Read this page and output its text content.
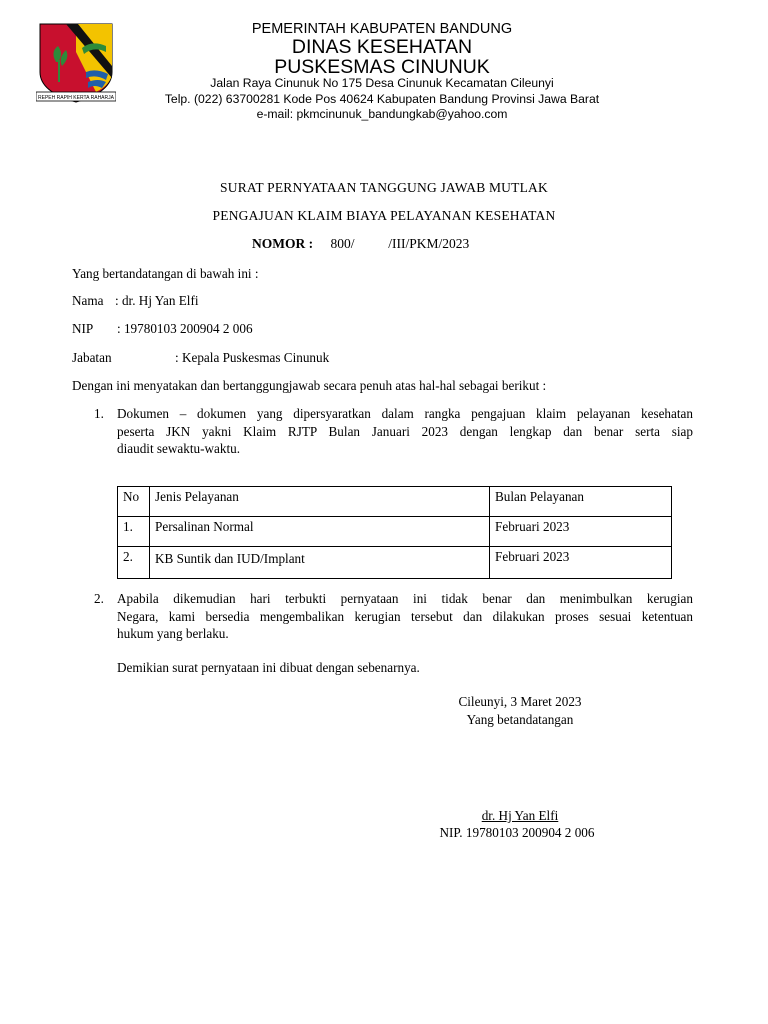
REPEH RAPIH KERTA RAHARJA
PEMERINTAH KABUPATEN BANDUNG
DINAS KESEHATAN
PUSKESMAS CINUNUK
Jalan Raya Cinunuk No 175 Desa Cinunuk Kecamatan Cileunyi
Telp. (022) 63700281 Kode Pos 40624 Kabupaten Bandung Provinsi Jawa Barat
e-mail: pkmcinunuk_bandungkab@yahoo.com
SURAT PERNYATAAN TANGGUNG JAWAB MUTLAK
PENGAJUAN KLAIM BIAYA PELAYANAN KESEHATAN
NOMOR : 800/          /III/PKM/2023
Yang bertandatangan di bawah ini :
Nama : dr. Hj Yan Elfi
NIP : 19780103 200904 2 006
Jabatan	: Kepala Puskesmas Cinunuk
Dengan ini menyatakan dan bertanggungjawab secara penuh atas hal-hal sebagai berikut :
1. Dokumen – dokumen yang dipersyaratkan dalam rangka pengajuan klaim pelayanan kesehatan
peserta JKN yakni Klaim RJTP Bulan Januari 2023 dengan lengkap dan benar serta siap
diaudit sewaktu-waktu.
No	Jenis Pelayanan	Bulan Pelayanan
1.	Persalinan Normal	Februari 2023
2.	KB Suntik dan IUD/Implant	Februari 2023
2. Apabila dikemudian hari terbukti pernyataan ini tidak benar dan menimbulkan kerugian
Negara, kami bersedia mengembalikan kerugian tersebut dan dilakukan proses sesuai ketentuan
hukum yang berlaku.
Demikian surat pernyataan ini dibuat dengan sebenarnya.
Cileunyi, 3 Maret 2023
Yang betandatangan
dr. Hj Yan Elfi
NIP. 19780103 200904 2 006
